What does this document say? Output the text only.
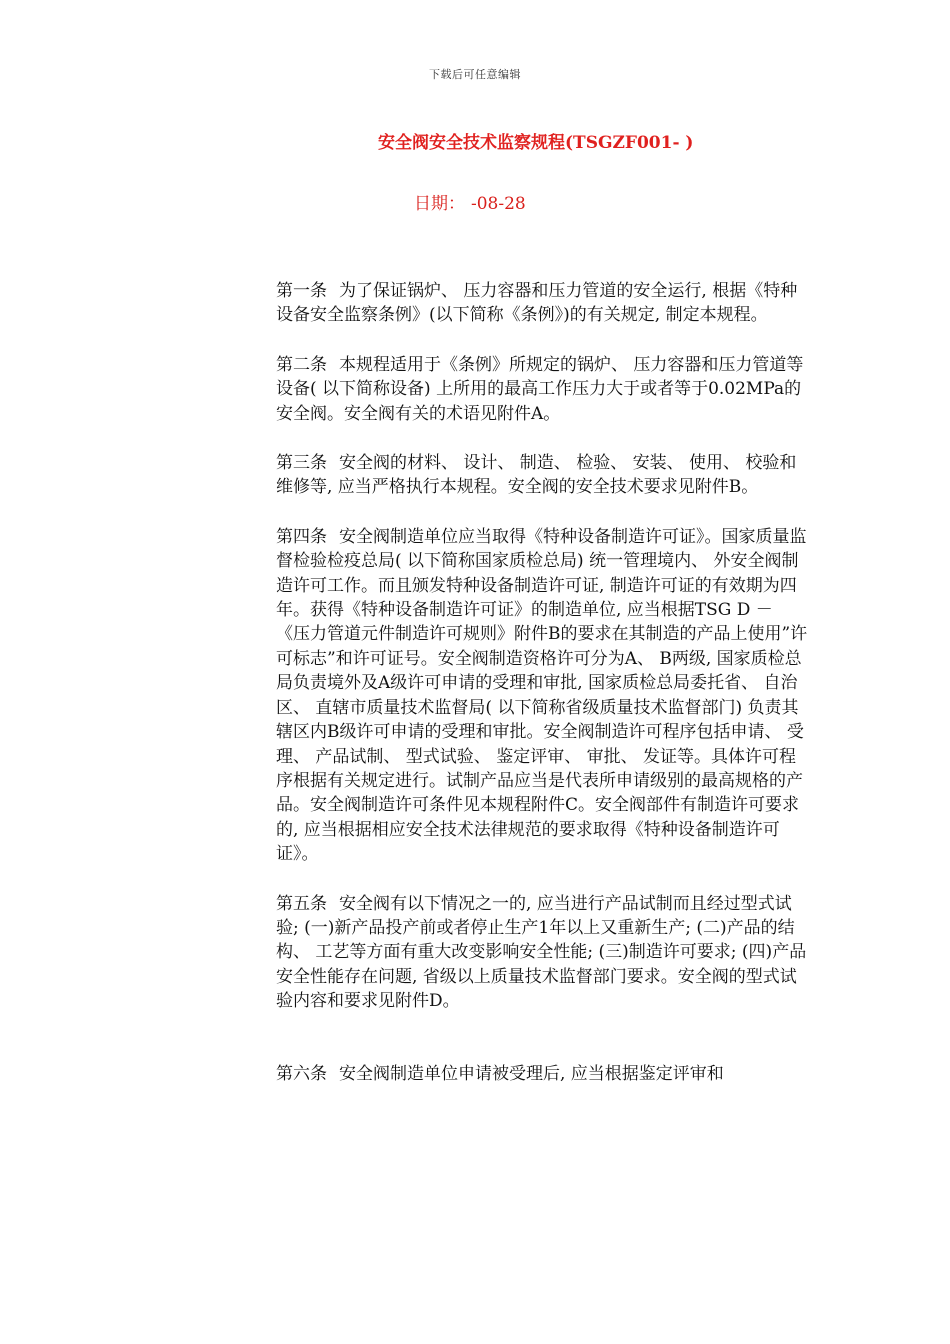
下载后可任意编辑
安全阀安全技术监察规程(TSGZF001- )
日期： -08-28

第一条 为了保证锅炉、 压力容器和压力管道的安全运行, 根据《特种设备安全监察条例》(以下简称《条例》)的有关规定, 制定本规程。

第二条 本规程适用于《条例》所规定的锅炉、 压力容器和压力管道等设备( 以下简称设备) 上所用的最高工作压力大于或者等于0.02MPa的安全阀。安全阀有关的术语见附件A。

第三条 安全阀的材料、 设计、 制造、 检验、 安装、 使用、 校验和维修等, 应当严格执行本规程。安全阀的安全技术要求见附件B。

第四条 安全阀制造单位应当取得《特种设备制造许可证》。国家质量监督检验检疫总局( 以下简称国家质检总局) 统一管理境内、 外安全阀制造许可工作。而且颁发特种设备制造许可证, 制造许可证的有效期为四年。获得《特种设备制造许可证》的制造单位, 应当根据TSG D － 《压力管道元件制造许可规则》附件B的要求在其制造的产品上使用”许可标志”和许可证号。安全阀制造资格许可分为A、 B两级, 国家质检总局负责境外及A级许可申请的受理和审批, 国家质检总局委托省、 自治区、 直辖市质量技术监督局( 以下简称省级质量技术监督部门) 负责其辖区内B级许可申请的受理和审批。安全阀制造许可程序包括申请、 受理、 产品试制、 型式试验、 鉴定评审、 审批、 发证等。具体许可程序根据有关规定进行。试制产品应当是代表所申请级别的最高规格的产品。安全阀制造许可条件见本规程附件C。安全阀部件有制造许可要求的, 应当根据相应安全技术法律规范的要求取得《特种设备制造许可证》。

第五条 安全阀有以下情况之一的, 应当进行产品试制而且经过型式试验; (一)新产品投产前或者停止生产1年以上又重新生产; (二)产品的结构、 工艺等方面有重大改变影响安全性能; (三)制造许可要求; (四)产品安全性能存在问题, 省级以上质量技术监督部门要求。安全阀的型式试验内容和要求见附件D。

第六条 安全阀制造单位申请被受理后, 应当根据鉴定评审和
